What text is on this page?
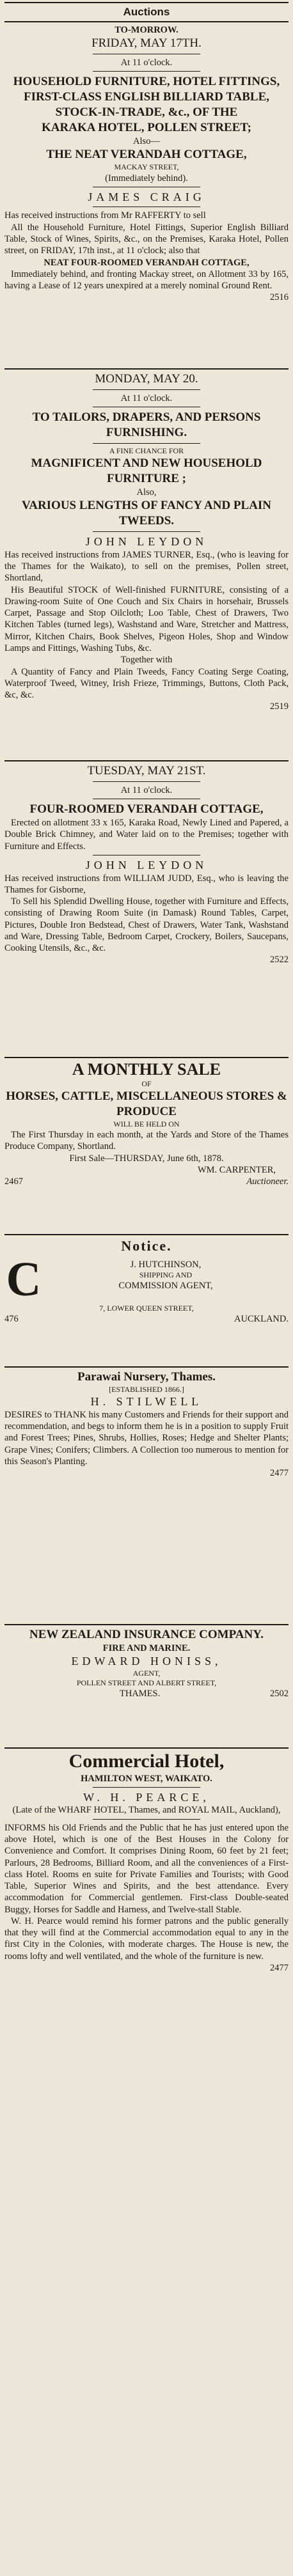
Auctions
TO-MORROW.
FRIDAY, MAY 17TH.
At 11 o'clock.
HOUSEHOLD FURNITURE, HOTEL FITTINGS, FIRST-CLASS ENGLISH BILLIARD TABLE, STOCK-IN-TRADE, &c., OF THE
KARAKA HOTEL, POLLEN STREET;
Also—
THE NEAT VERANDAH COTTAGE,
MACKAY STREET,
(Immediately behind).
JAMES CRAIG

Has received instructions from Mr RAFFERTY to sell

All the Household Furniture, Hotel Fittings, Superior English Billiard Table, Stock of Wines, Spirits, &c., on the Premises, Karaka Hotel, Pollen street, on FRIDAY, 17th inst., at 11 o'clock; also that

NEAT FOUR-ROOMED VERANDAH COTTAGE,

Immediately behind, and fronting Mackay street, on Allotment 33 by 165, having a Lease of 12 years unexpired at a merely nominal Ground Rent.

2516
MONDAY, MAY 20.
At 11 o'clock.
TO TAILORS, DRAPERS, AND PERSONS FURNISHING.
A FINE CHANCE FOR
MAGNIFICENT AND NEW HOUSEHOLD FURNITURE ;
Also,
VARIOUS LENGTHS OF FANCY AND PLAIN TWEEDS.
JOHN LEYDON

Has received instructions from JAMES TURNER, Esq., (who is leaving for the Thames for the Waikato), to sell on the premises, Pollen street, Shortland,

His Beautiful STOCK of Well-finished FURNITURE, consisting of a Drawing-room Suite of One Couch and Six Chairs in horsehair, Brussels Carpet, Passage and Stop Oilcloth; Loo Table, Chest of Drawers, Two Kitchen Tables (turned legs), Washstand and Ware, Stretcher and Mattress, Mirror, Kitchen Chairs, Book Shelves, Pigeon Holes, Shop and Window Lamps and Fittings, Washing Tubs, &c.

Together with

A Quantity of Fancy and Plain Tweeds, Fancy Coating Serge Coating, Waterproof Tweed, Witney, Irish Frieze, Trimmings, Buttons, Cloth Pack, &c, &c.

2519
TUESDAY, MAY 21ST.
At 11 o'clock.
FOUR-ROOMED VERANDAH COTTAGE,

Erected on allotment 33 x 165, Karaka Road, Newly Lined and Papered, a Double Brick Chimney, and Water laid on to the Premises; together with Furniture and Effects.

JOHN LEYDON

Has received instructions from WILLIAM JUDD, Esq., who is leaving the Thames for Gisborne,

To Sell his Splendid Dwelling House, together with Furniture and Effects, consisting of Drawing Room Suite (in Damask) Round Tables, Carpet, Pictures, Double Iron Bedstead, Chest of Drawers, Water Tank, Washstand and Ware, Dressing Table, Bedroom Carpet, Crockery, Boilers, Saucepans, Cooking Utensils, &c., &c.

2522
A MONTHLY SALE
OF
HORSES, CATTLE, MISCELLANEOUS STORES & PRODUCE
WILL BE HELD ON

The First Thursday in each month, at the Yards and Store of the Thames Produce Company, Shortland.

First Sale—THURSDAY, June 6th, 1878.
WM. CARPENTER,
2467	Auctioneer.
Notice.
C	J. HUTCHINSON,
SHIPPING AND
COMMISSION AGENT,
7, LOWER QUEEN STREET,
476	AUCKLAND.
Parawai Nursery, Thames.
[ESTABLISHED 1866.]
H. STILWELL

DESIRES to THANK his many Customers and Friends for their support and recommendation, and begs to inform them he is in a position to supply Fruit and Forest Trees; Pines, Shrubs, Hollies, Roses; Hedge and Shelter Plants; Grape Vines; Conifers; Climbers. A Collection too numerous to mention for this Season's Planting.

2477
NEW ZEALAND INSURANCE COMPANY.
FIRE AND MARINE.
EDWARD HONISS,
AGENT,
POLLEN STREET AND ALBERT STREET,
THAMES.	2502
Commercial Hotel,
HAMILTON WEST, WAIKATO.
W. H. PEARCE,
(Late of the WHARF HOTEL, Thames, and ROYAL MAIL, Auckland),

INFORMS his Old Friends and the Public that he has just entered upon the above Hotel, which is one of the Best Houses in the Colony for Convenience and Comfort. It comprises Dining Room, 60 feet by 21 feet; Parlours, 28 Bedrooms, Billiard Room, and all the conveniences of a First-class Hotel. Rooms en suite for Private Families and Tourists; with Good Table, Superior Wines and Spirits, and the best attendance. Every accommodation for Commercial gentlemen. First-class Double-seated Buggy, Horses for Saddle and Harness, and Twelve-stall Stable.

W. H. Pearce would remind his former patrons and the public generally that they will find at the Commercial accommodation equal to any in the first City in the Colonies, with moderate charges. The House is new, the rooms lofty and well ventilated, and the whole of the furniture is new.

2477
